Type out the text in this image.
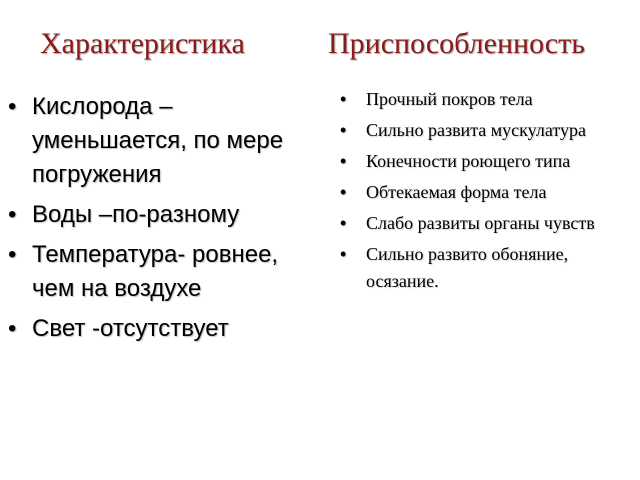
Характеристика	Приспособленность
• Кислорода – уменьшается, по мере погружения
• Воды –по-разному
• Температура- ровнее, чем на воздухе
• Свет -отсутствует
• Прочный покров тела
• Сильно развита мускулатура
• Конечности роющего типа
• Обтекаемая форма тела
• Слабо развиты органы чувств
• Сильно развито обоняние, осязание.
